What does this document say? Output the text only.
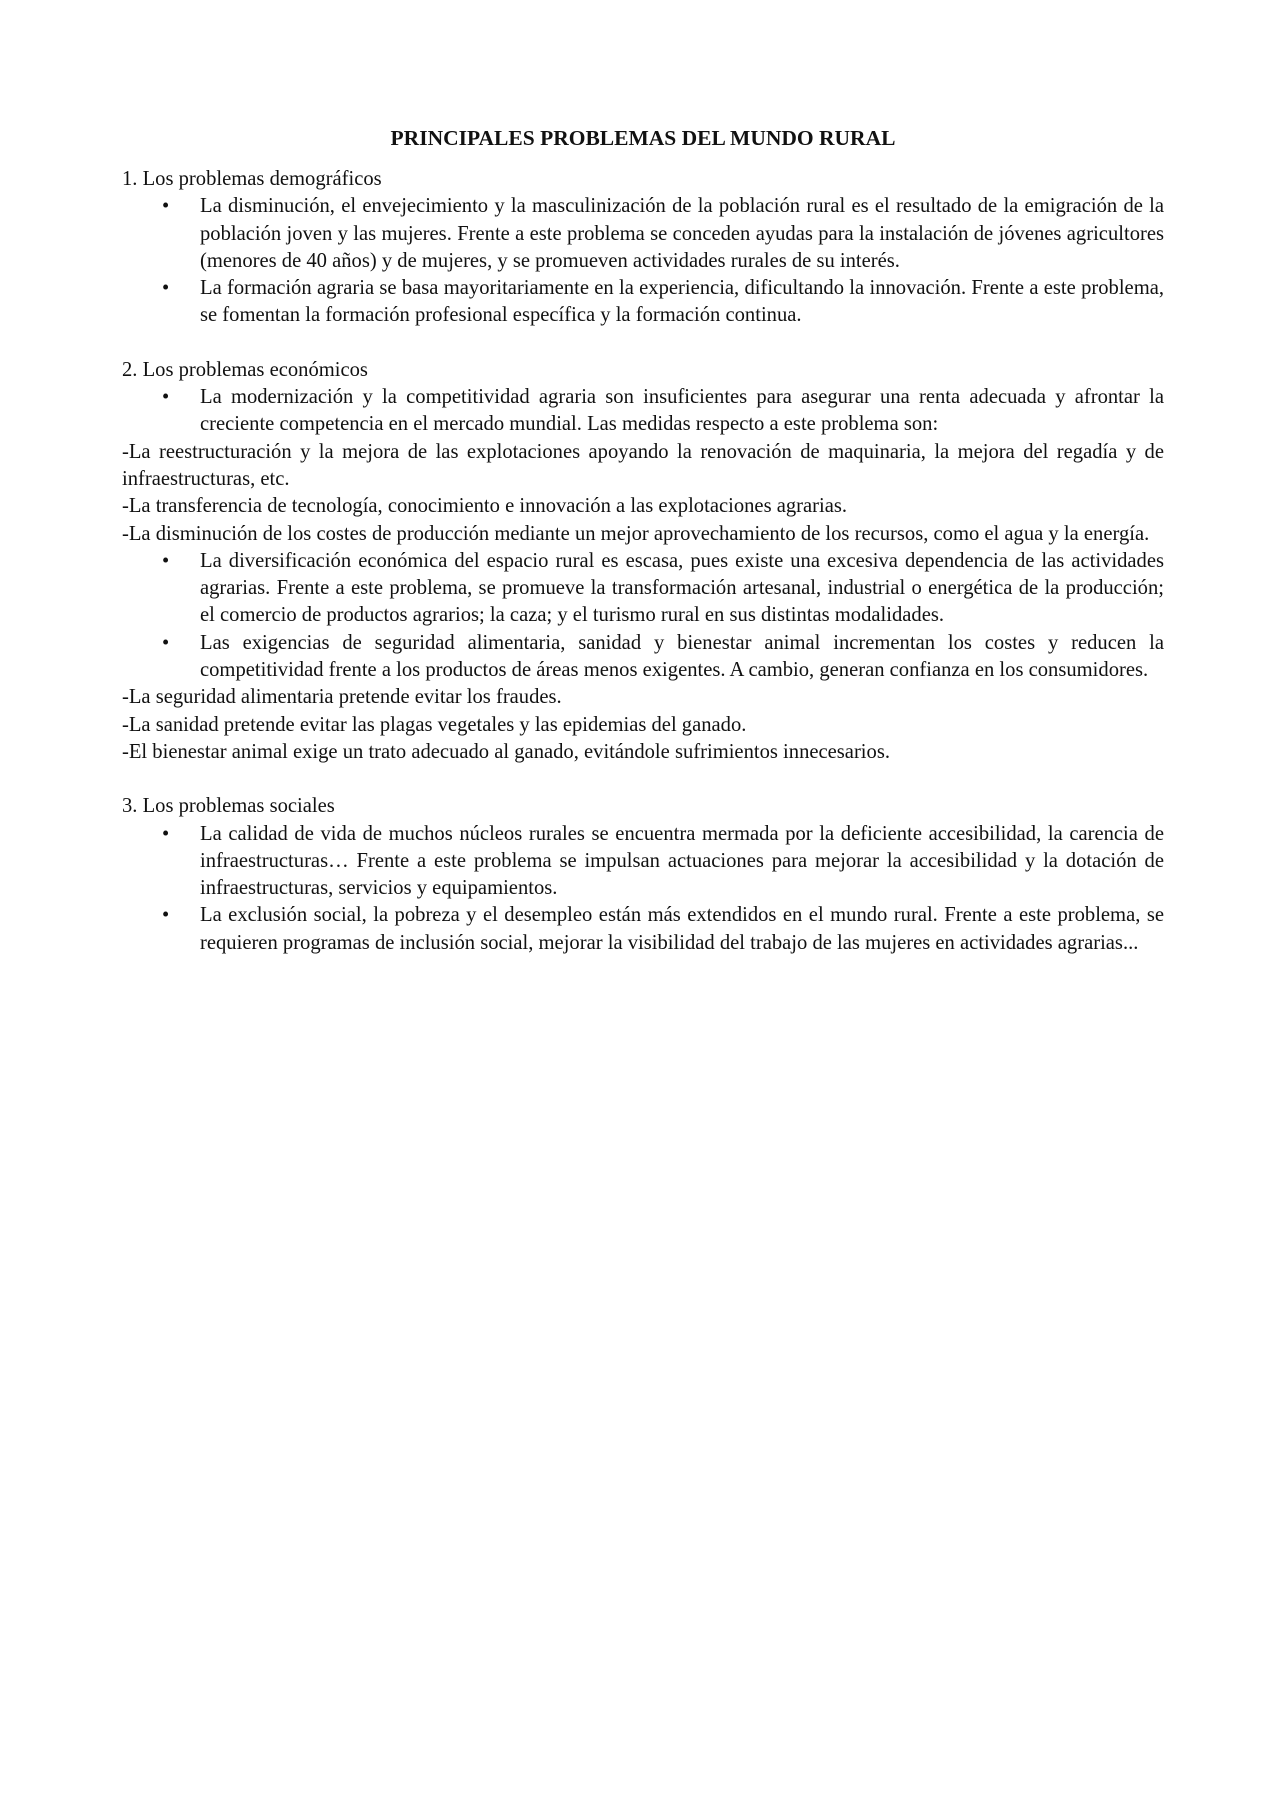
PRINCIPALES PROBLEMAS DEL MUNDO RURAL

1. Los problemas demográficos

• La disminución, el envejecimiento y la masculinización de la población rural es el resultado de la emigración de la población joven y las mujeres. Frente a este problema se conceden ayudas para la instalación de jóvenes agricultores (menores de 40 años) y de mujeres, y se promueven actividades rurales de su interés.
• La formación agraria se basa mayoritariamente en la experiencia, dificultando la innovación. Frente a este problema, se fomentan la formación profesional específica y la formación continua.

2. Los problemas económicos

• La modernización y la competitividad agraria son insuficientes para asegurar una renta adecuada y afrontar la creciente competencia en el mercado mundial. Las medidas respecto a este problema son:

-La reestructuración y la mejora de las explotaciones apoyando la renovación de maquinaria, la mejora del regadía y de infraestructuras, etc.

-La transferencia de tecnología, conocimiento e innovación a las explotaciones agrarias.

-La disminución de los costes de producción mediante un mejor aprovechamiento de los recursos, como el agua y la energía.

• La diversificación económica del espacio rural es escasa, pues existe una excesiva dependencia de las actividades agrarias. Frente a este problema, se promueve la transformación artesanal, industrial o energética de la producción; el comercio de productos agrarios; la caza; y el turismo rural en sus distintas modalidades.
• Las exigencias de seguridad alimentaria, sanidad y bienestar animal incrementan los costes y reducen la competitividad frente a los productos de áreas menos exigentes. A cambio, generan confianza en los consumidores.

-La seguridad alimentaria pretende evitar los fraudes.

-La sanidad pretende evitar las plagas vegetales y las epidemias del ganado.

-El bienestar animal exige un trato adecuado al ganado, evitándole sufrimientos innecesarios.

3. Los problemas sociales

• La calidad de vida de muchos núcleos rurales se encuentra mermada por la deficiente accesibilidad, la carencia de infraestructuras… Frente a este problema se impulsan actuaciones para mejorar la accesibilidad y la dotación de infraestructuras, servicios y equipamientos.
• La exclusión social, la pobreza y el desempleo están más extendidos en el mundo rural. Frente a este problema, se requieren programas de inclusión social, mejorar la visibilidad del trabajo de las mujeres en actividades agrarias...
